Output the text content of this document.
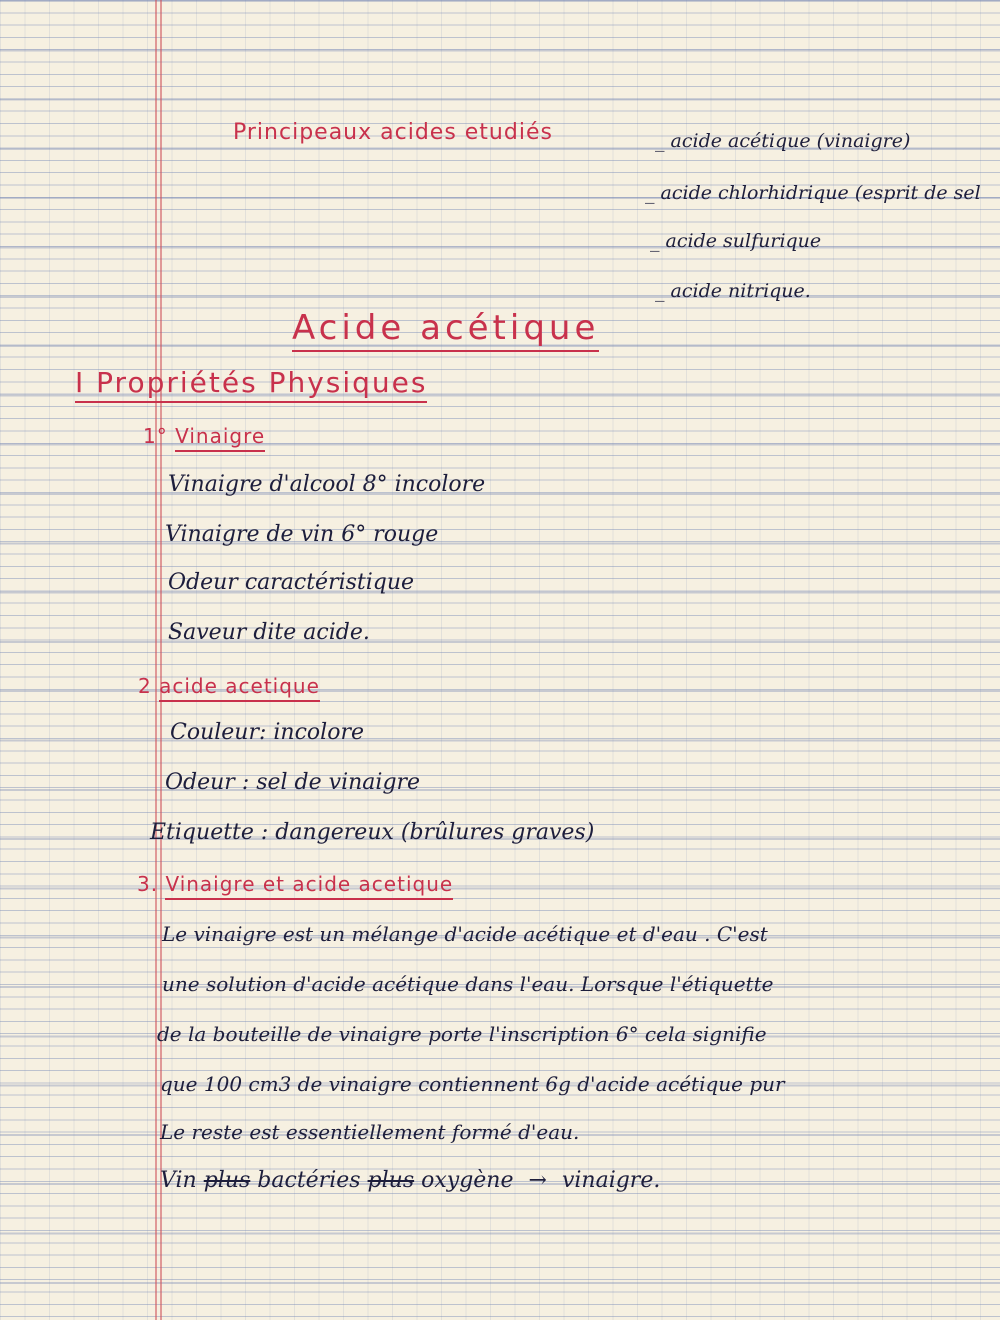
Principeaux acides etudiés	_ acide acétique (vinaigre)
_ acide chlorhidrique (esprit de sel
_ acide sulfurique
_ acide nitrique.
Acide acétique
I Propriétés Physiques
1° Vinaigre
Vinaigre d'alcool 8° incolore
Vinaigre de vin 6° rouge
Odeur caractéristique
Saveur dite acide.
2 acide acetique
Couleur: incolore
Odeur : sel de vinaigre
Etiquette : dangereux (brûlures graves)
3. Vinaigre et acide acetique
Le vinaigre est un mélange d'acide acétique et d'eau . C'est
une solution d'acide acétique dans l'eau. Lorsque l'étiquette
de la bouteille de vinaigre porte l'inscription 6° cela signifie
que 100 cm3 de vinaigre contiennent 6g d'acide acétique pur
Le reste est essentiellement formé d'eau.
Vin plus bactéries plus oxygène → vinaigre.
